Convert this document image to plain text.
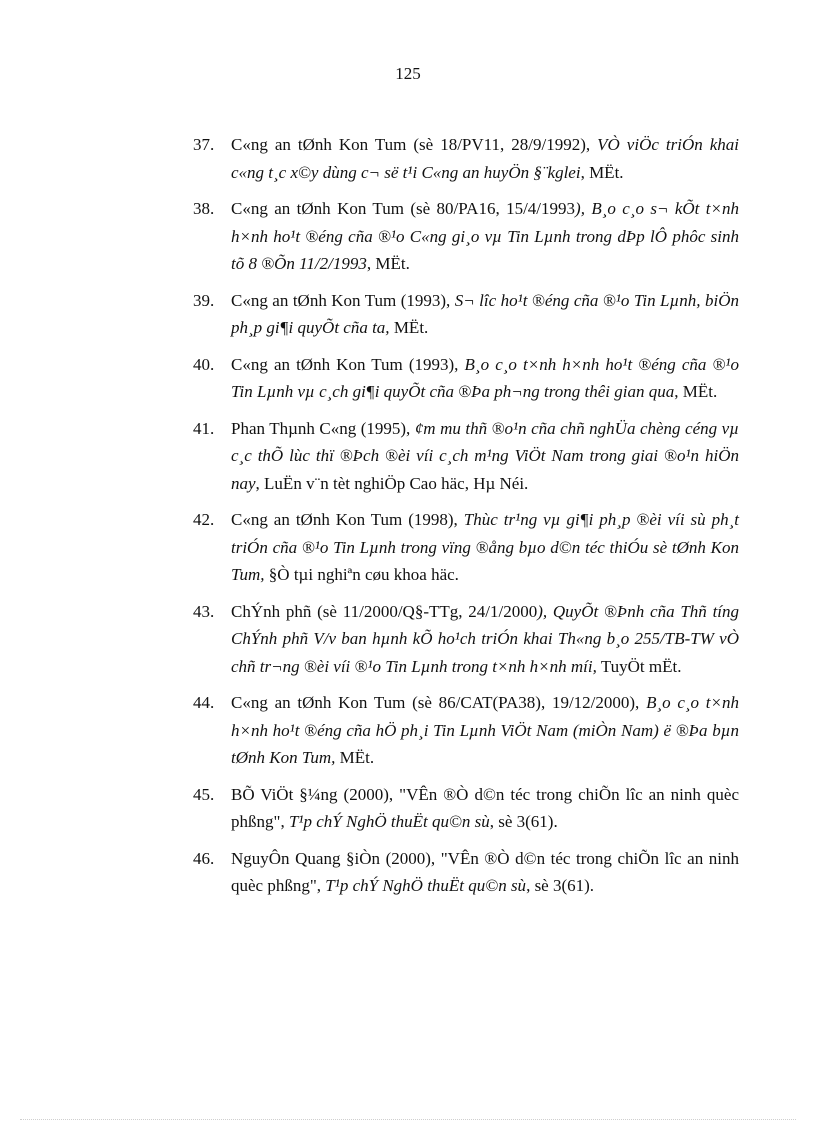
125
37. C«ng an tØnh Kon Tum (sè 18/PV11, 28/9/1992), VÒ viÖc triÓn khai c«ng t¸c x©y dùng c¬ së t¹i C«ng an huyÖn §¨kglei, MËt.
38. C«ng an tØnh Kon Tum (sè 80/PA16, 15/4/1993), B¸o c¸o s¬ kÕt t×nh h×nh ho¹t ®éng cña ®¹o C«ng gi¸o vµ Tin Lµnh trong dÞp lÔ phôc sinh tõ 8 ®Õn 11/2/1993, MËt.
39. C«ng an tØnh Kon Tum (1993), S¬ lîc ho¹t ®éng cña ®¹o Tin Lµnh, biÖn ph¸p gi¶i quyÕt cña ta, MËt.
40. C«ng an tØnh Kon Tum (1993), B¸o c¸o t×nh h×nh ho¹t ®éng cña ®¹o Tin Lµnh vµ c¸ch gi¶i quyÕt cña ®Þa ph¬ng trong thêi gian qua, MËt.
41. Phan Thµnh C«ng (1995), ¢m mu thñ ®o¹n cña chñ nghÜa chèng céng vµ c¸c thÕ lùc thï ®Þch ®èi víi c¸ch m¹ng ViÖt Nam trong giai ®o¹n hiÖn nay, LuËn v¨n tèt nghiÖp Cao häc, Hµ Néi.
42. C«ng an tØnh Kon Tum (1998), Thùc tr¹ng vµ gi¶i ph¸p ®èi víi sù ph¸t triÓn cña ®¹o Tin Lµnh trong vïng ®ång bµo d©n téc thiÓu sè tØnh Kon Tum, §Ò tµi nghiªn cøu khoa häc.
43. ChÝnh phñ (sè 11/2000/Q§-TTg, 24/1/2000), QuyÕt ®Þnh cña Thñ tíng ChÝnh phñ V/v ban hµnh kÕ ho¹ch triÓn khai Th«ng b¸o 255/TB-TW vÒ chñ tr¬ng ®èi víi ®¹o Tin Lµnh trong t×nh h×nh míi, TuyÖt mËt.
44. C«ng an tØnh Kon Tum (sè 86/CAT(PA38), 19/12/2000), B¸o c¸o t×nh h×nh ho¹t ®éng cña hÖ ph¸i Tin Lµnh ViÖt Nam (miÒn Nam) ë ®Þa bµn tØnh Kon Tum, MËt.
45. BÕ ViÖt §¼ng (2000), "VÊn ®Ò d©n téc trong chiÕn lîc an ninh quèc phßng", T¹p chÝ NghÖ thuËt qu©n sù, sè 3(61).
46. NguyÔn Quang §iÒn (2000), "VÊn ®Ò d©n téc trong chiÕn lîc an ninh quèc phßng", T¹p chÝ NghÖ thuËt qu©n sù, sè 3(61).
